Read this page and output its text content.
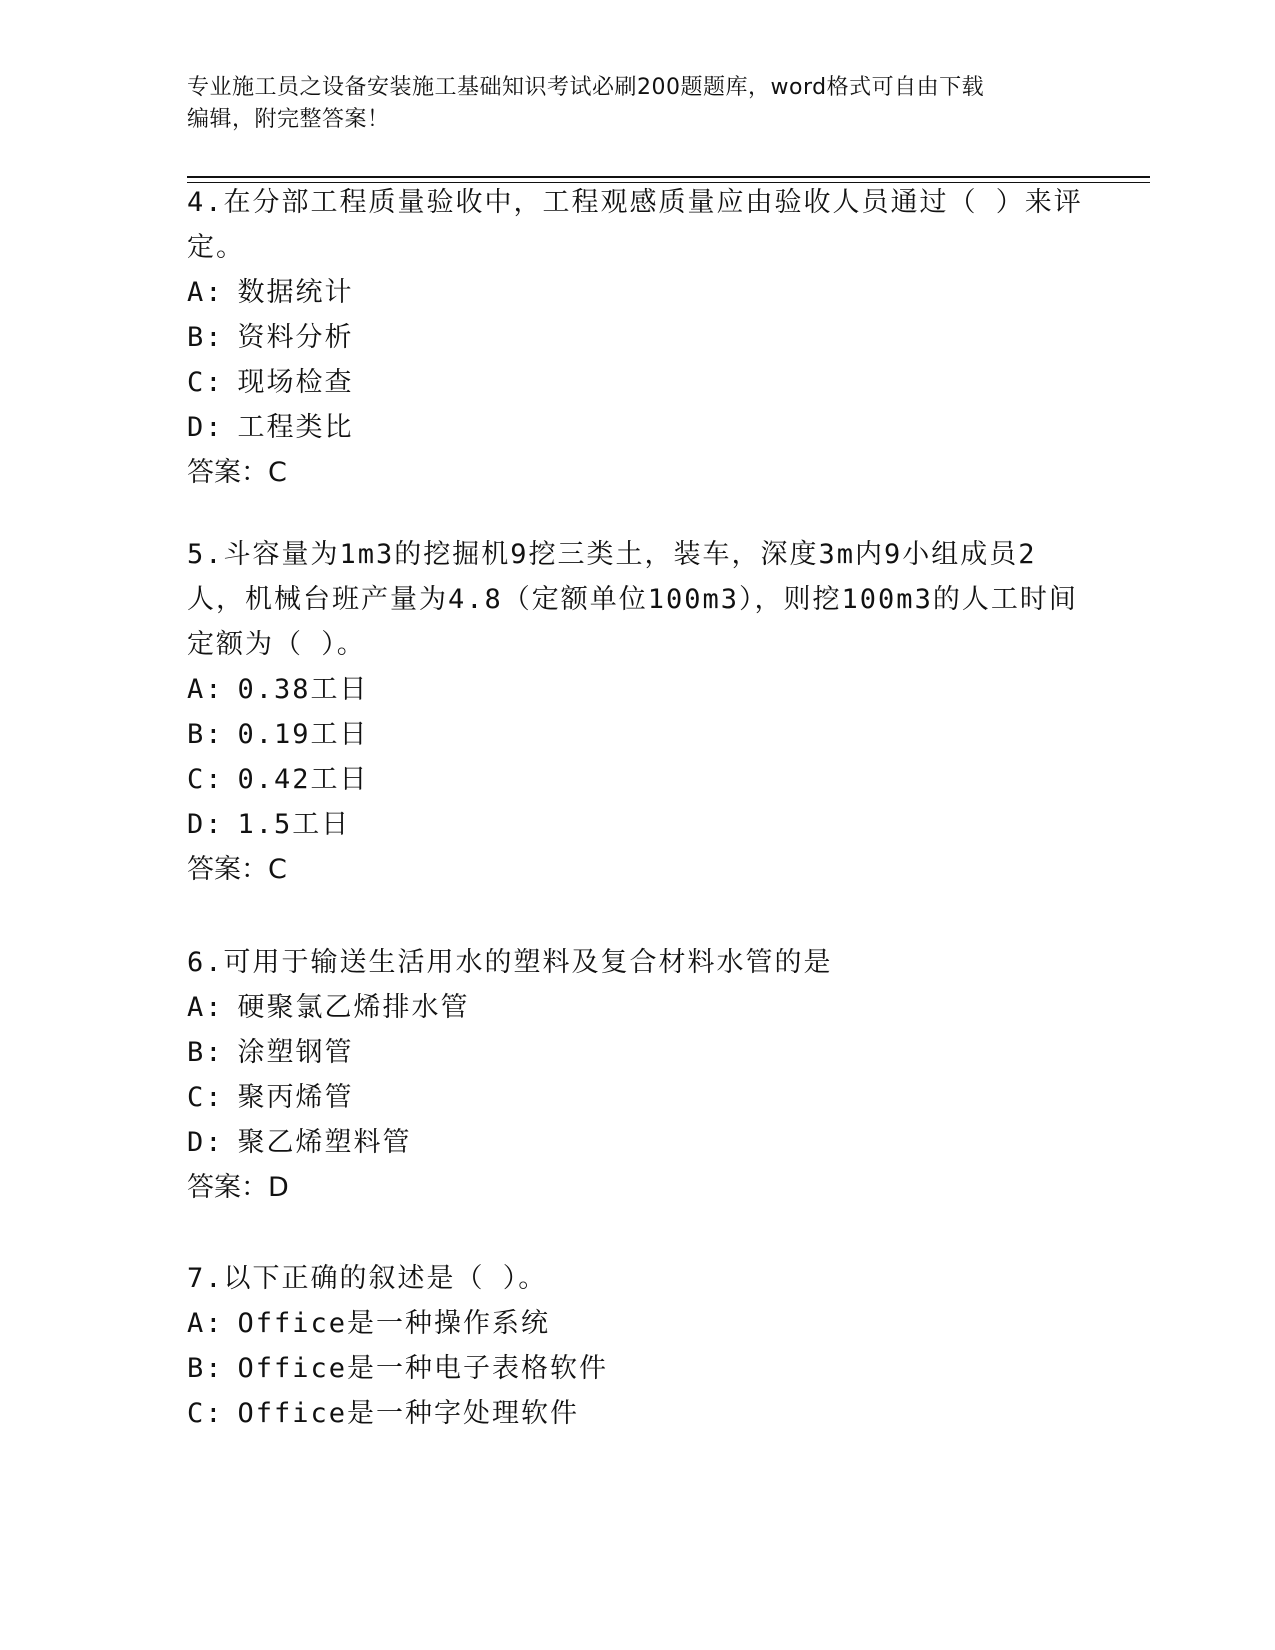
专业施工员之设备安装施工基础知识考试必刷200题题库，word格式可自由下载
编辑，附完整答案！
4.在分部工程质量验收中，工程观感质量应由验收人员通过（ ）来评
定。
A: 数据统计
B: 资料分析
C: 现场检查
D: 工程类比
答案：C
5.斗容量为1m3的挖掘机9挖三类土，装车，深度3m内9小组成员2
人，机械台班产量为4.8（定额单位100m3），则挖100m3的人工时间
定额为（ ）。
A: 0.38工日
B: 0.19工日
C: 0.42工日
D: 1.5工日
答案：C
6.可用于输送生活用水的塑料及复合材料水管的是
A: 硬聚氯乙烯排水管
B: 涂塑钢管
C: 聚丙烯管
D: 聚乙烯塑料管
答案：D
7.以下正确的叙述是（ ）。
A: Office是一种操作系统
B: Office是一种电子表格软件
C: Office是一种字处理软件
